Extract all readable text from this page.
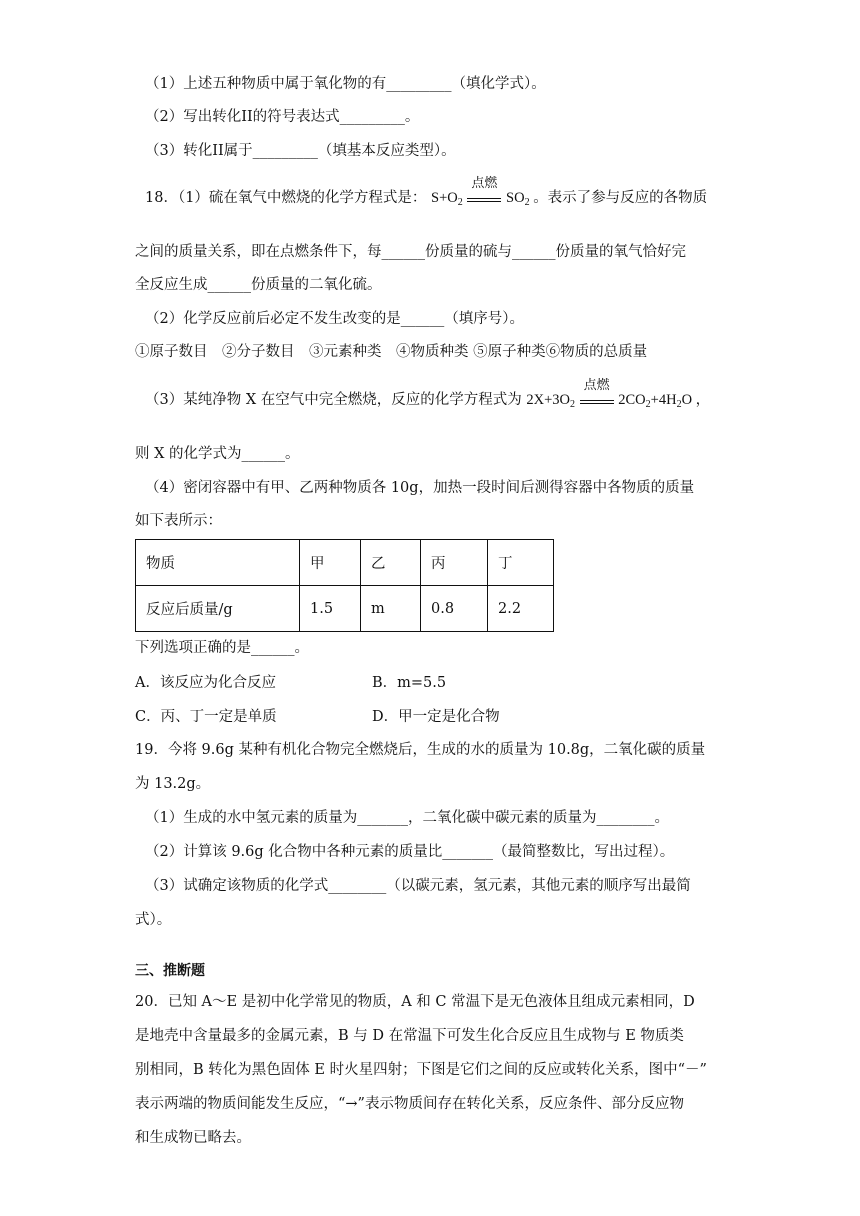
（1）上述五种物质中属于氧化物的有_________（填化学式）。
（2）写出转化II的符号表达式_________。
（3）转化II属于_________（填基本反应类型）。
18．（1）硫在氧气中燃烧的化学方程式是： $S+O_2$
点燃
$SO_2$ 。表示了参与反应的各物质
之间的质量关系，即在点燃条件下，每______份质量的硫与______份质量的氧气恰好完
全反应生成______份质量的二氧化硫。
（2）化学反应前后必定不发生改变的是______（填序号）。
①原子数目　②分子数目　③元素种类　④物质种类 ⑤原子种类⑥物质的总质量
（3）某纯净物 X 在空气中完全燃烧，反应的化学方程式为 $2X+3O_2$
点燃
$2CO_2+4H_2O$ ，
则 X 的化学式为______。
（4）密闭容器中有甲、乙两种物质各 10g，加热一段时间后测得容器中各物质的质量
如下表所示：
物质	甲	乙	丙	丁
反应后质量/g	1.5	m	0.8	2.2
下列选项正确的是______。
A．该反应为化合反应	B．m=5.5
C．丙、丁一定是单质	D．甲一定是化合物
19．今将 9.6g 某种有机化合物完全燃烧后，生成的水的质量为 10.8g，二氧化碳的质量
为 13.2g。
（1）生成的水中氢元素的质量为_______，二氧化碳中碳元素的质量为________。
（2）计算该 9.6g 化合物中各种元素的质量比_______（最简整数比，写出过程）。
（3）试确定该物质的化学式________（以碳元素，氢元素，其他元素的顺序写出最简
式）。
三、推断题
20．已知 A～E 是初中化学常见的物质，A 和 C 常温下是无色液体且组成元素相同，D
是地壳中含量最多的金属元素，B 与 D 在常温下可发生化合反应且生成物与 E 物质类
别相同，B 转化为黑色固体 E 时火星四射；下图是它们之间的反应或转化关系，图中“－”
表示两端的物质间能发生反应，“→”表示物质间存在转化关系，反应条件、部分反应物
和生成物已略去。
